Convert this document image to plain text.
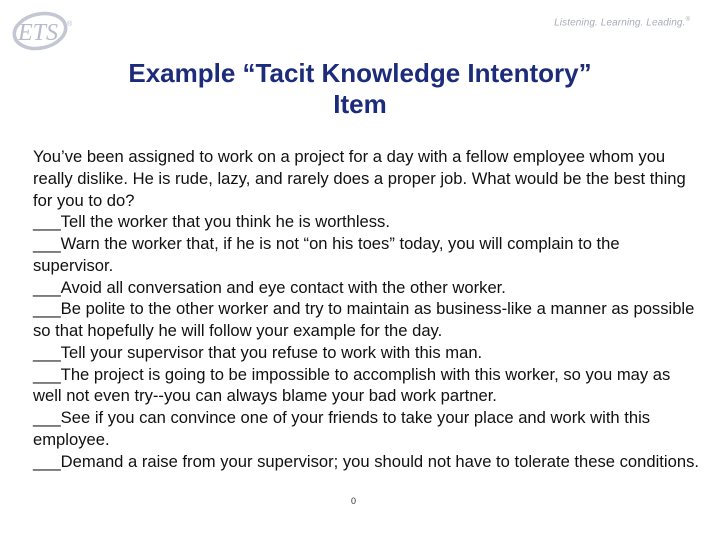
ETS ®	Listening. Learning. Leading.®
Example “Tacit Knowledge Intentory”
Item

You’ve been assigned to work on a project for a day with a fellow employee whom you really dislike. He is rude, lazy, and rarely does a proper job. What would be the best thing for you to do?

___Tell the worker that you think he is worthless.

___Warn the worker that, if he is not “on his toes” today, you will complain to the supervisor.

___Avoid all conversation and eye contact with the other worker.

___Be polite to the other worker and try to maintain as business-like a manner as possible so that hopefully he will follow your example for the day.

___Tell your supervisor that you refuse to work with this man.

___The project is going to be impossible to accomplish with this worker, so you may as well not even try--you can always blame your bad work partner.

___See if you can convince one of your friends to take your place and work with this employee.

___Demand a raise from your supervisor; you should not have to tolerate these conditions.

0
